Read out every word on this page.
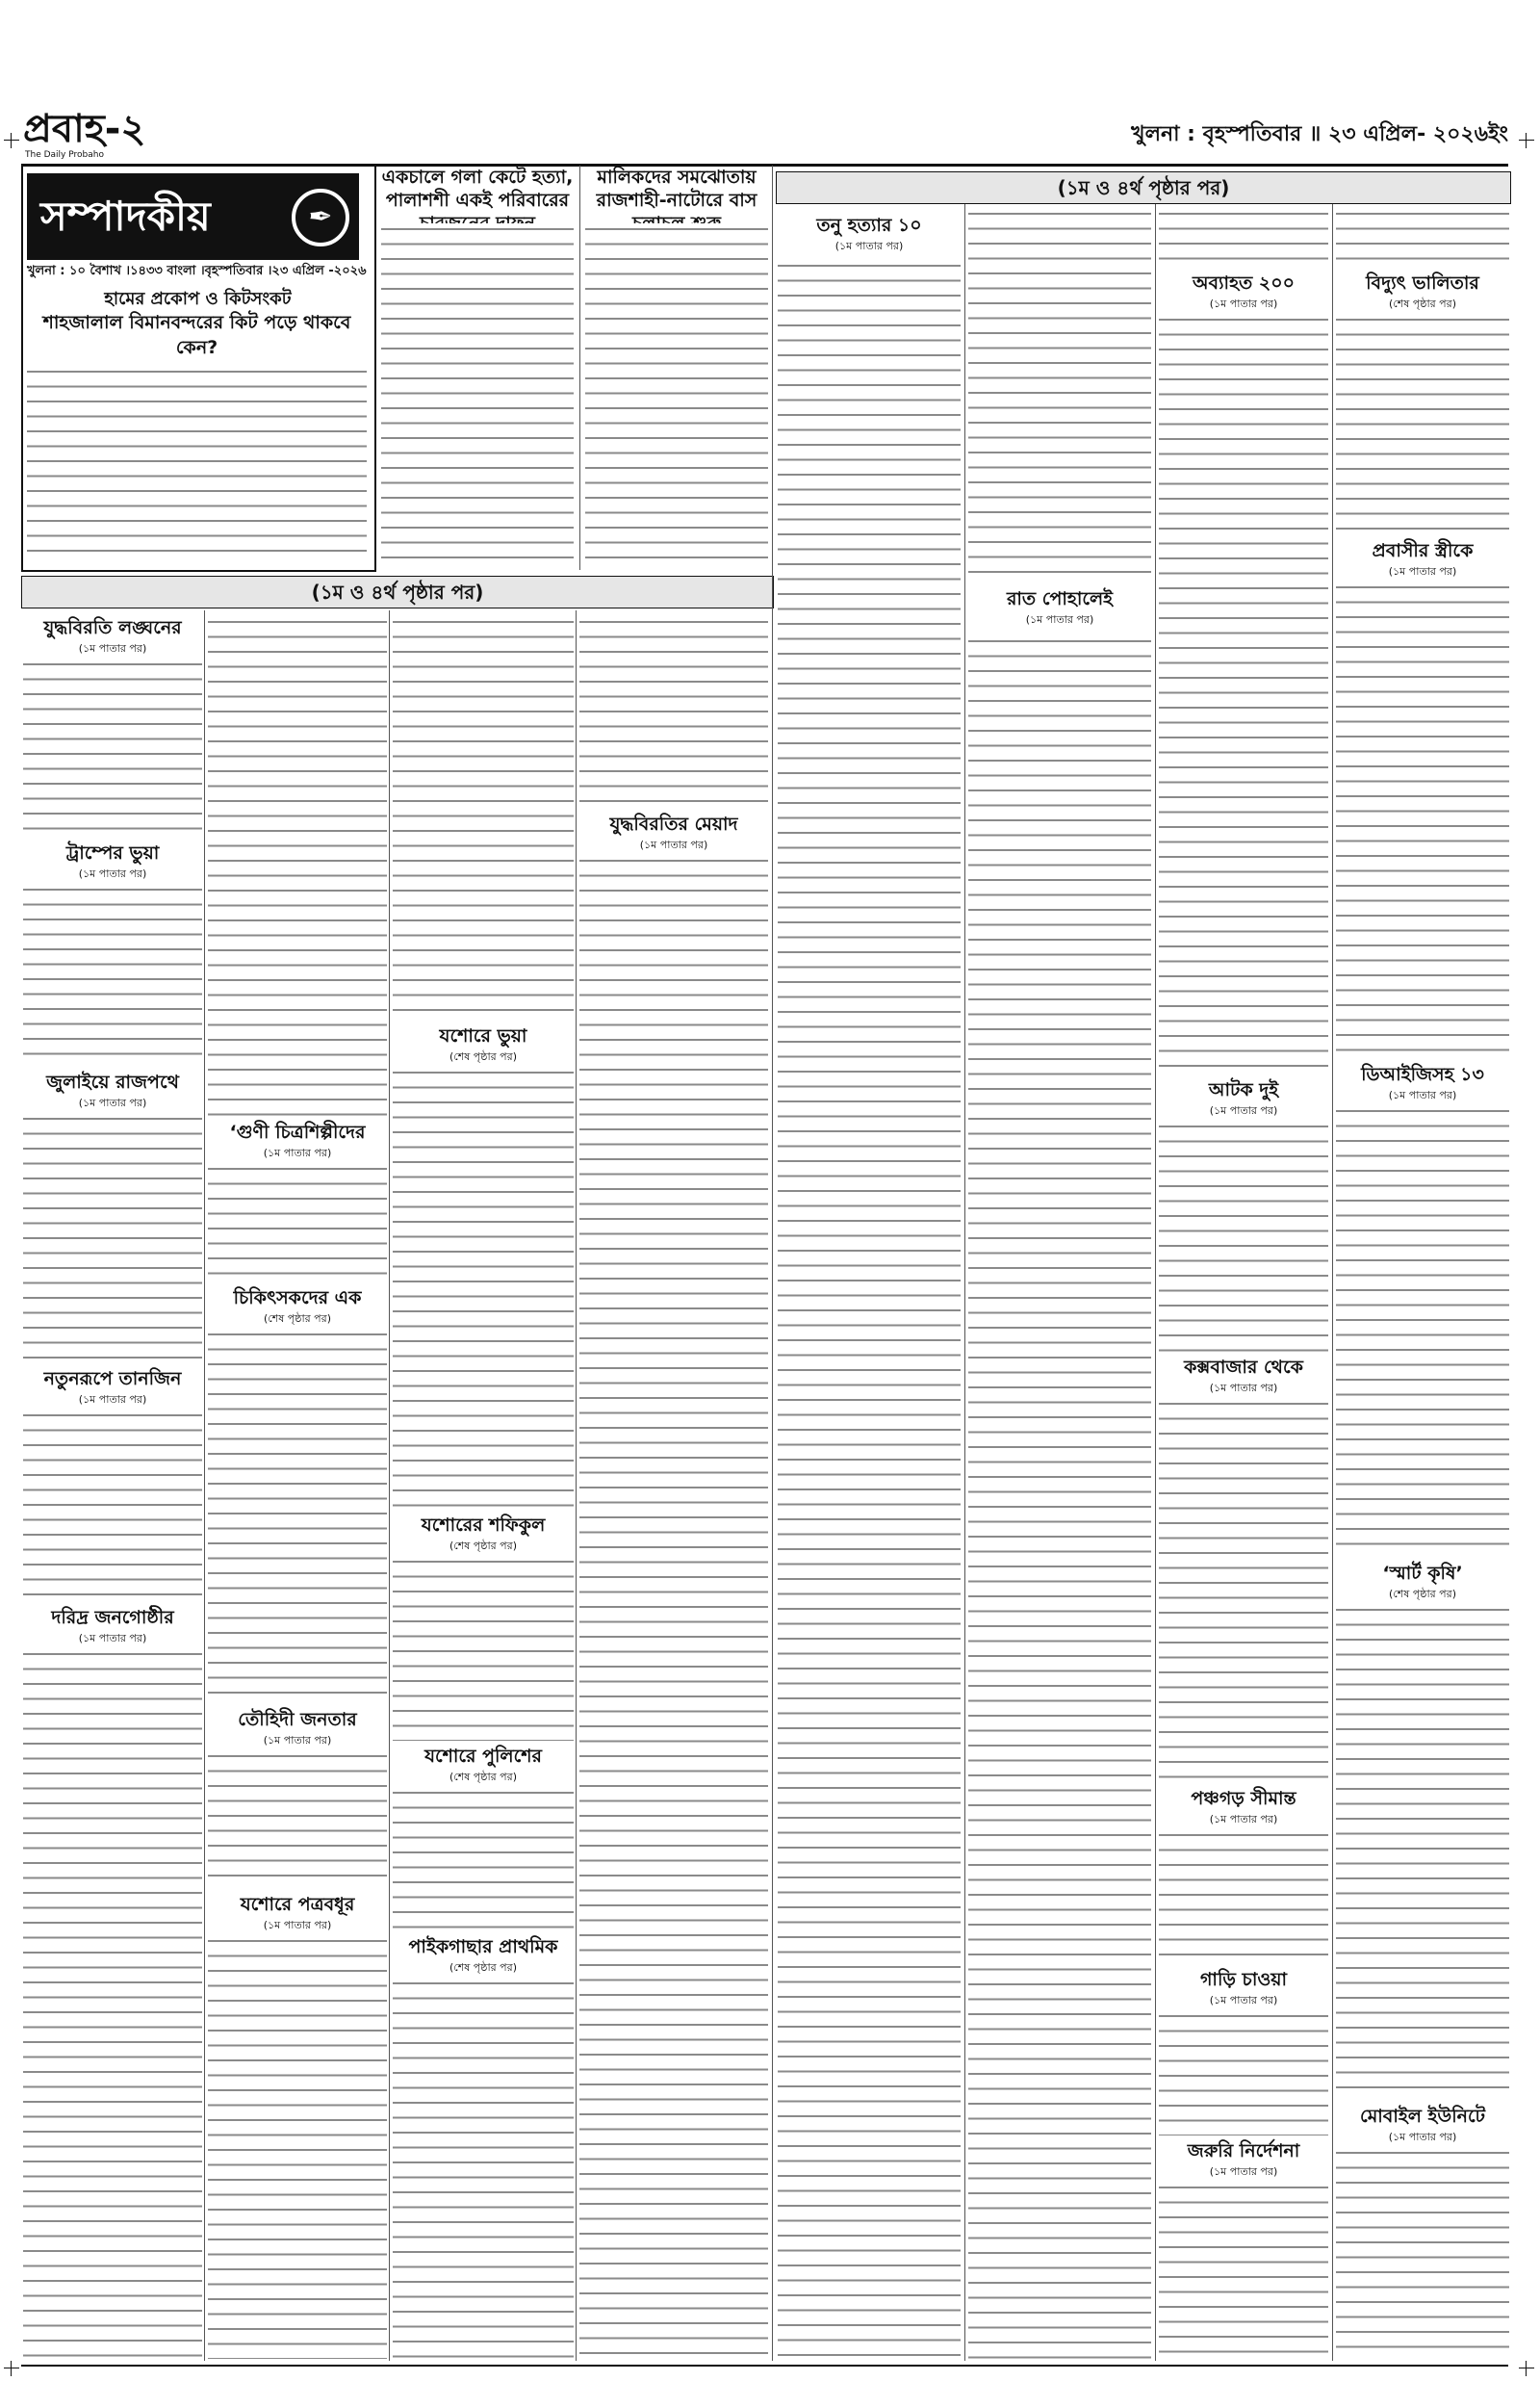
প্রবাহ-২
The Daily Probaho
খুলনা : বৃহস্পতিবার ॥ ২৩ এপ্রিল- ২০২৬ইং
সম্পাদকীয়	✒
খুলনা : ১০ বৈশাখ ।১৪৩৩ বাংলা ।বৃহস্পতিবার ।২৩ এপ্রিল -২০২৬
হামের প্রকোপ ও কিটসংকট
শাহজালাল বিমানবন্দরের কিট পড়ে থাকবে কেন?
(১ম ও ৪র্থ পৃষ্ঠার পর)
(১ম ও ৪র্থ পৃষ্ঠার পর)
একচালে গলা কেটে হত্যা, পালাশশী একই পরিবারের
মালিকদের সমঝোতায় রাজশাহী-নাটোরে বাস
তনু হত্যার ১০
(১ম পাতার পর)
রাত পোহালেই
(১ম পাতার পর)
অব্যাহত ২০০
(১ম পাতার পর)
আটক দুই
(১ম পাতার পর)
কক্সবাজার থেকে
(১ম পাতার পর)
পঞ্চগড় সীমান্ত
(১ম পাতার পর)
গাড়ি চাওয়া
(১ম পাতার পর)
জরুরি নির্দেশনা
(১ম পাতার পর)
বিদ্যুৎ ভালিতার
(শেষ পৃষ্ঠার পর)
প্রবাসীর স্ত্রীকে
(১ম পাতার পর)
ডিআইজিসহ ১৩
(১ম পাতার পর)
‘স্মার্ট কৃষি’
(শেষ পৃষ্ঠার পর)
মোবাইল ইউনিটে
(১ম পাতার পর)
যুদ্ধবিরতি লঙ্ঘনের
(১ম পাতার পর)
ট্রাম্পের ভুয়া
(১ম পাতার পর)
জুলাইয়ে রাজপথে
(১ম পাতার পর)
নতুনরূপে তানজিন
(১ম পাতার পর)
দরিদ্র জনগোষ্ঠীর
(১ম পাতার পর)
‘গুণী চিত্রশিল্পীদের
(১ম পাতার পর)
চিকিৎসকদের এক
(শেষ পৃষ্ঠার পর)
তৌহিদী জনতার
(১ম পাতার পর)
যশোরে পত্রবধূর
(১ম পাতার পর)
যশোরে ভুয়া
(শেষ পৃষ্ঠার পর)
যশোরের শফিকুল
(শেষ পৃষ্ঠার পর)
যশোরে পুলিশের
(শেষ পৃষ্ঠার পর)
পাইকগাছার প্রাথমিক
(শেষ পৃষ্ঠার পর)
যুদ্ধবিরতির মেয়াদ
(১ম পাতার পর)
